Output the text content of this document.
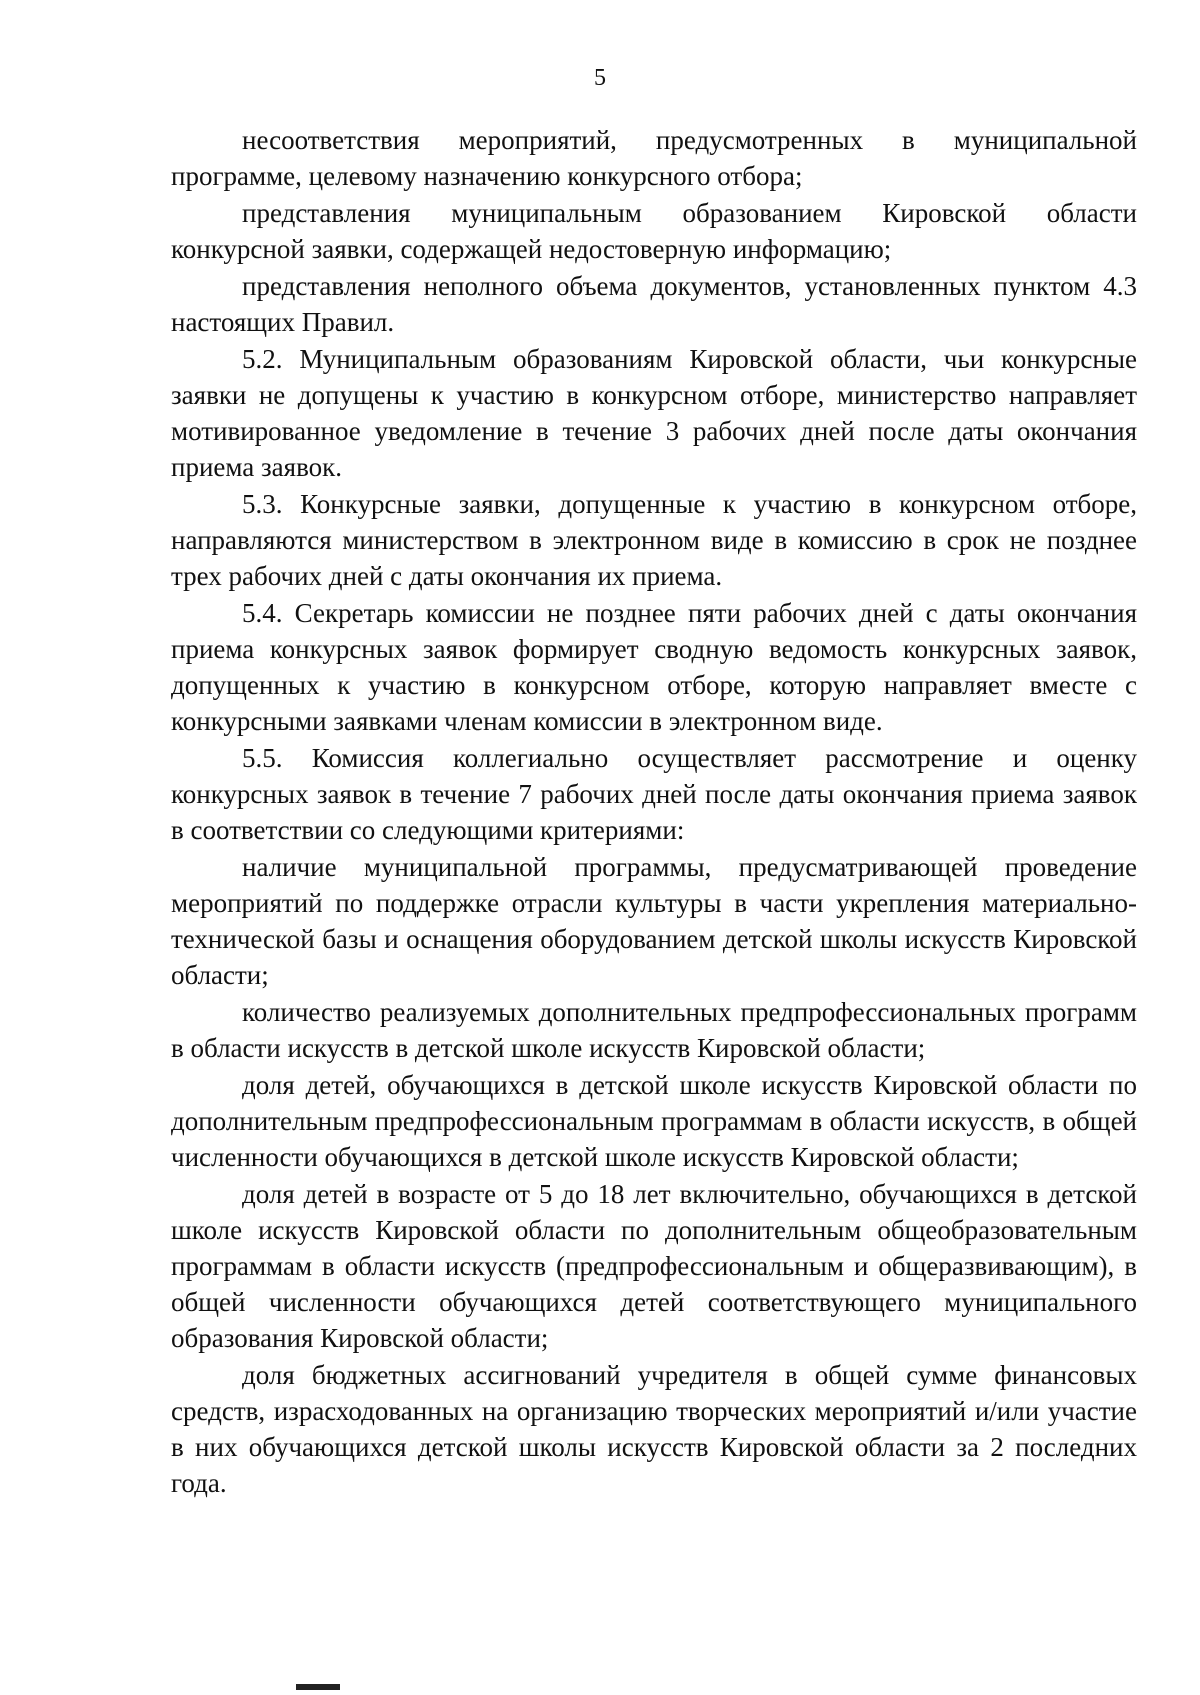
5

несоответствия мероприятий, предусмотренных в муниципальной программе, целевому назначению конкурсного отбора;

представления муниципальным образованием Кировской области конкурсной заявки, содержащей недостоверную информацию;

представления неполного объема документов, установленных пунктом 4.3 настоящих Правил.

5.2. Муниципальным образованиям Кировской области, чьи конкурсные заявки не допущены к участию в конкурсном отборе, министерство направляет мотивированное уведомление в течение 3 рабочих дней после даты окончания приема заявок.

5.3. Конкурсные заявки, допущенные к участию в конкурсном отборе, направляются министерством в электронном виде в комиссию в срок не позднее трех рабочих дней с даты окончания их приема.

5.4. Секретарь комиссии не позднее пяти рабочих дней с даты окончания приема конкурсных заявок формирует сводную ведомость конкурсных заявок, допущенных к участию в конкурсном отборе, которую направляет вместе с конкурсными заявками членам комиссии в электронном виде.

5.5. Комиссия коллегиально осуществляет рассмотрение и оценку конкурсных заявок в течение 7 рабочих дней после даты окончания приема заявок в соответствии со следующими критериями:

наличие муниципальной программы, предусматривающей проведение мероприятий по поддержке отрасли культуры в части укрепления материально-технической базы и оснащения оборудованием детской школы искусств Кировской области;

количество реализуемых дополнительных предпрофессиональных программ в области искусств в детской школе искусств Кировской области;

доля детей, обучающихся в детской школе искусств Кировской области по дополнительным предпрофессиональным программам в области искусств, в общей численности обучающихся в детской школе искусств Кировской области;

доля детей в возрасте от 5 до 18 лет включительно, обучающихся в детской школе искусств Кировской области по дополнительным общеобразовательным программам в области искусств (предпрофессиональным и общеразвивающим), в общей численности обучающихся детей соответствующего муниципального образования Кировской области;

доля бюджетных ассигнований учредителя в общей сумме финансовых средств, израсходованных на организацию творческих мероприятий и/или участие в них обучающихся детской школы искусств Кировской области за 2 последних года.
